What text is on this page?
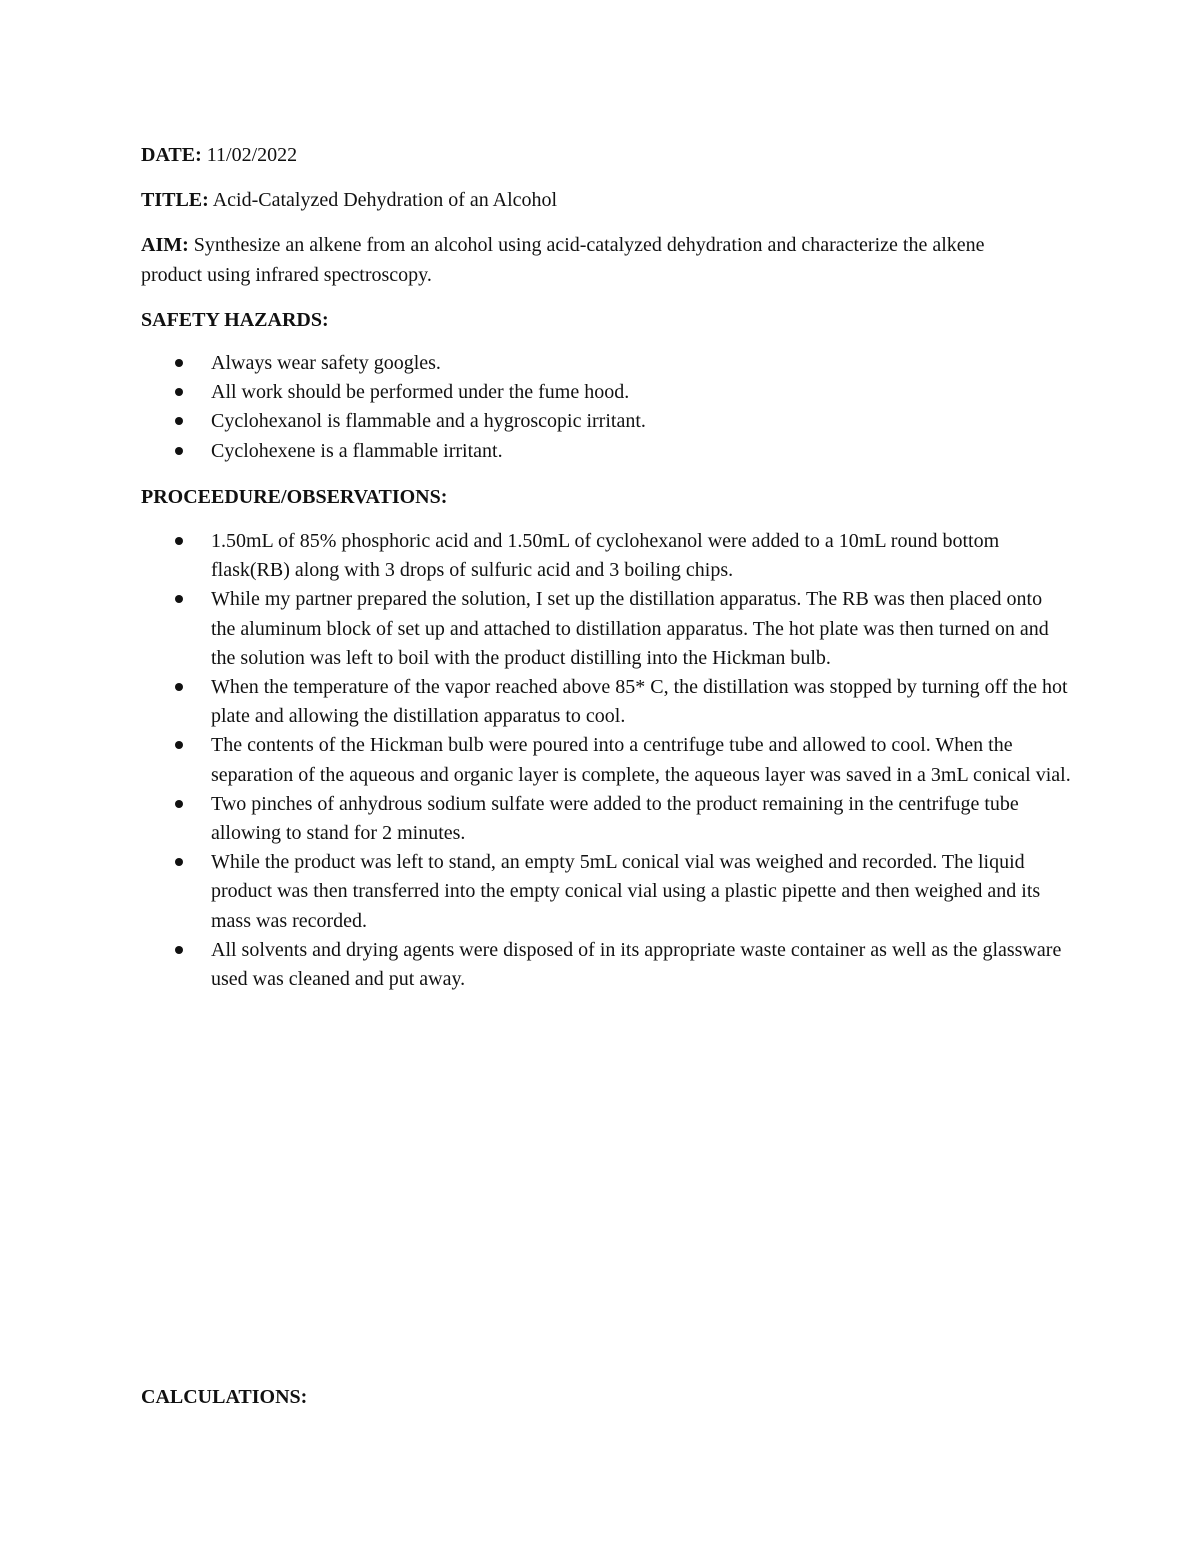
DATE: 11/02/2022
TITLE: Acid-Catalyzed Dehydration of an Alcohol
AIM: Synthesize an alkene from an alcohol using acid-catalyzed dehydration and characterize the alkene product using infrared spectroscopy.
SAFETY HAZARDS:
Always wear safety googles.
All work should be performed under the fume hood.
Cyclohexanol is flammable and a hygroscopic irritant.
Cyclohexene is a flammable irritant.
PROCEEDURE/OBSERVATIONS:
1.50mL of 85% phosphoric acid and 1.50mL of cyclohexanol were added to a 10mL round bottom flask(RB) along with 3 drops of sulfuric acid and 3 boiling chips.
While my partner prepared the solution, I set up the distillation apparatus. The RB was then placed onto the aluminum block of set up and attached to distillation apparatus. The hot plate was then turned on and the solution was left to boil with the product distilling into the Hickman bulb.
When the temperature of the vapor reached above 85* C, the distillation was stopped by turning off the hot plate and allowing the distillation apparatus to cool.
The contents of the Hickman bulb were poured into a centrifuge tube and allowed to cool. When the separation of the aqueous and organic layer is complete, the aqueous layer was saved in a 3mL conical vial.
Two pinches of anhydrous sodium sulfate were added to the product remaining in the centrifuge tube allowing to stand for 2 minutes.
While the product was left to stand, an empty 5mL conical vial was weighed and recorded. The liquid product was then transferred into the empty conical vial using a plastic pipette and then weighed and its mass was recorded.
All solvents and drying agents were disposed of in its appropriate waste container as well as the glassware used was cleaned and put away.
CALCULATIONS:
